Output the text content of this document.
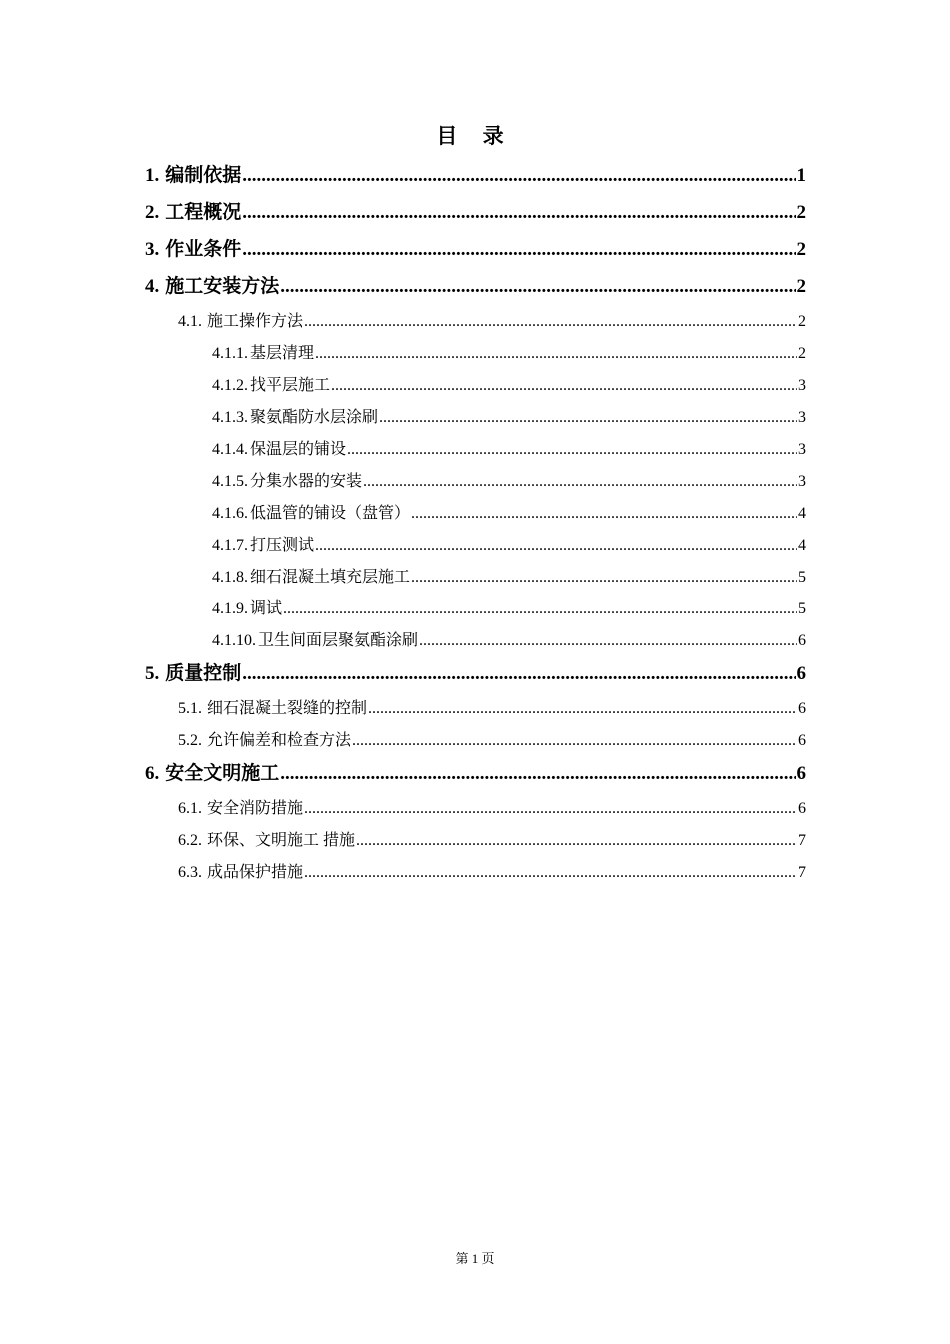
目 录
1. 编制依据 .....	1
2. 工程概况 .....	2
3. 作业条件 .....	2
4. 施工安装方法 .....	2
4.1. 施工操作方法 .....	2
4.1.1. 基层清理 .....	2
4.1.2. 找平层施工 .....	3
4.1.3. 聚氨酯防水层涂刷 .....	3
4.1.4. 保温层的铺设 .....	3
4.1.5. 分集水器的安装 .....	3
4.1.6. 低温管的铺设（盘管） .....	4
4.1.7. 打压测试 .....	4
4.1.8. 细石混凝土填充层施工 .....	5
4.1.9. 调试 .....	5
4.1.10. 卫生间面层聚氨酯涂刷 .....	6
5. 质量控制 .....	6
5.1. 细石混凝土裂缝的控制 .....	6
5.2. 允许偏差和检查方法 .....	6
6. 安全文明施工 .....	6
6.1. 安全消防措施 .....	6
6.2. 环保、文明施工 措施 .....	7
6.3. 成品保护措施 .....	7
第 1 页
